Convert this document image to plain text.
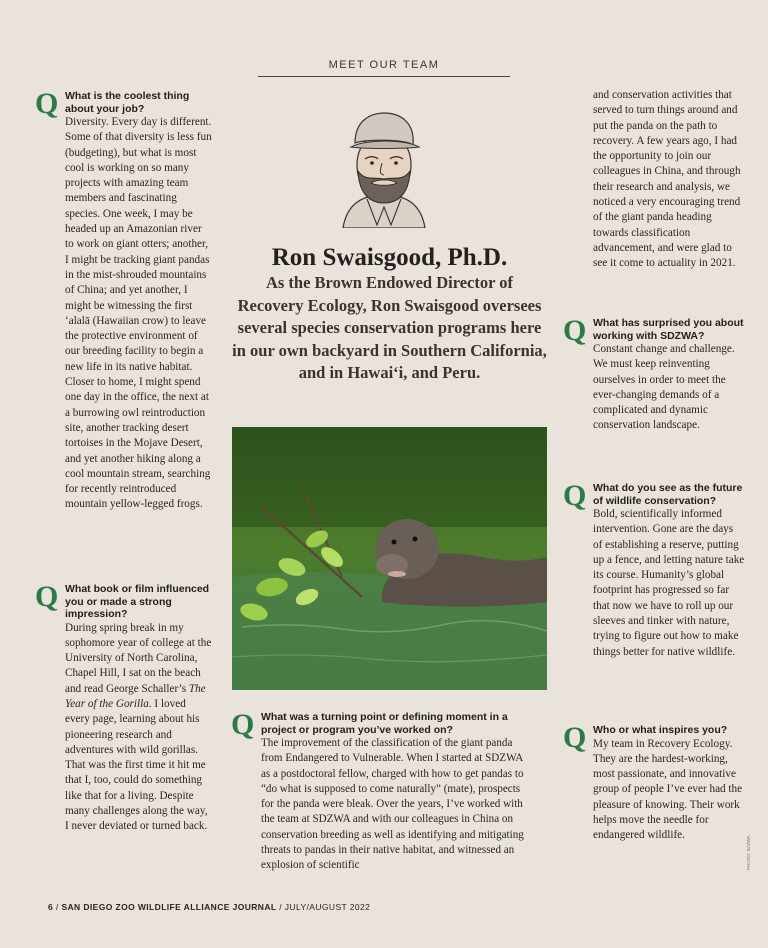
MEET OUR TEAM
Q What is the coolest thing about your job?
Diversity. Every day is different. Some of that diversity is less fun (budgeting), but what is most cool is working on so many projects with amazing team members and fascinating species. One week, I may be headed up an Amazonian river to work on giant otters; another, I might be tracking giant pandas in the mist-shrouded mountains of China; and yet another, I might be witnessing the first ‘alalā (Hawaiian crow) to leave the protective environment of our breeding facility to begin a new life in its native habitat. Closer to home, I might spend one day in the office, the next at a burrowing owl reintroduction site, another tracking desert tortoises in the Mojave Desert, and yet another hiking along a cool mountain stream, searching for recently reintroduced mountain yellow-legged frogs.
Q What book or film influenced you or made a strong impression?
During spring break in my sophomore year of college at the University of North Carolina, Chapel Hill, I sat on the beach and read George Schaller’s The Year of the Gorilla. I loved every page, learning about his pioneering research and adventures with wild gorillas. That was the first time it hit me that I, too, could do something like that for a living. Despite many challenges along the way, I never deviated or turned back.
Ron Swaisgood, Ph.D.
As the Brown Endowed Director of Recovery Ecology, Ron Swaisgood oversees several species conservation programs here in our own backyard in Southern California, and in Hawai‘i, and Peru.
Q What was a turning point or defining moment in a project or program you’ve worked on?
The improvement of the classification of the giant panda from Endangered to Vulnerable. When I started at SDZWA as a postdoctoral fellow, charged with how to get pandas to “do what is supposed to come naturally” (mate), prospects for the panda were bleak. Over the years, I’ve worked with the team at SDZWA and with our colleagues in China on conservation breeding as well as identifying and mitigating threats to pandas in their native habitat, and witnessed an explosion of scientific
and conservation activities that served to turn things around and put the panda on the path to recovery. A few years ago, I had the opportunity to join our colleagues in China, and through their research and analysis, we noticed a very encouraging trend of the giant panda heading towards classification advancement, and were glad to see it come to actuality in 2021.
Q What has surprised you about working with SDZWA?
Constant change and challenge. We must keep reinventing ourselves in order to meet the ever-changing demands of a complicated and dynamic conservation landscape.
Q What do you see as the future of wildlife conservation?
Bold, scientifically informed intervention. Gone are the days of establishing a reserve, putting up a fence, and letting nature take its course. Humanity’s global footprint has progressed so far that now we have to roll up our sleeves and tinker with nature, trying to figure out how to make things better for native wildlife.
Q Who or what inspires you?
My team in Recovery Ecology. They are the hardest-working, most passionate, and innovative group of people I’ve ever had the pleasure of knowing. Their work helps move the needle for endangered wildlife.
PHOTO: SDZWA
6 / SAN DIEGO ZOO WILDLIFE ALLIANCE JOURNAL / JULY/AUGUST 2022
